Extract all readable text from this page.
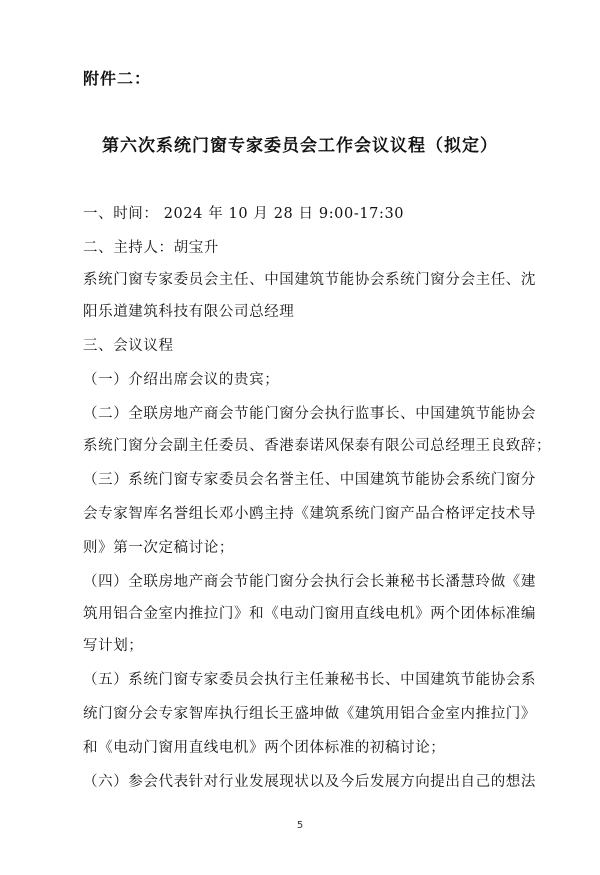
附件二：
第六次系统门窗专家委员会工作会议议程（拟定）
一、时间： 2024 年 10 月 28 日 9:00-17:30
二、主持人：胡宝升
系统门窗专家委员会主任、中国建筑节能协会系统门窗分会主任、沈
阳乐道建筑科技有限公司总经理
三、会议议程
（一）介绍出席会议的贵宾；
（二）全联房地产商会节能门窗分会执行监事长、中国建筑节能协会
系统门窗分会副主任委员、香港泰诺风保泰有限公司总经理王良致辞；
（三）系统门窗专家委员会名誉主任、中国建筑节能协会系统门窗分
会专家智库名誉组长邓小鸥主持《建筑系统门窗产品合格评定技术导
则》第一次定稿讨论；
（四）全联房地产商会节能门窗分会执行会长兼秘书长潘慧玲做《建
筑用铝合金室内推拉门》和《电动门窗用直线电机》两个团体标准编
写计划；
（五）系统门窗专家委员会执行主任兼秘书长、中国建筑节能协会系
统门窗分会专家智库执行组长王盛坤做《建筑用铝合金室内推拉门》
和《电动门窗用直线电机》两个团体标准的初稿讨论；
（六）参会代表针对行业发展现状以及今后发展方向提出自己的想法
5
